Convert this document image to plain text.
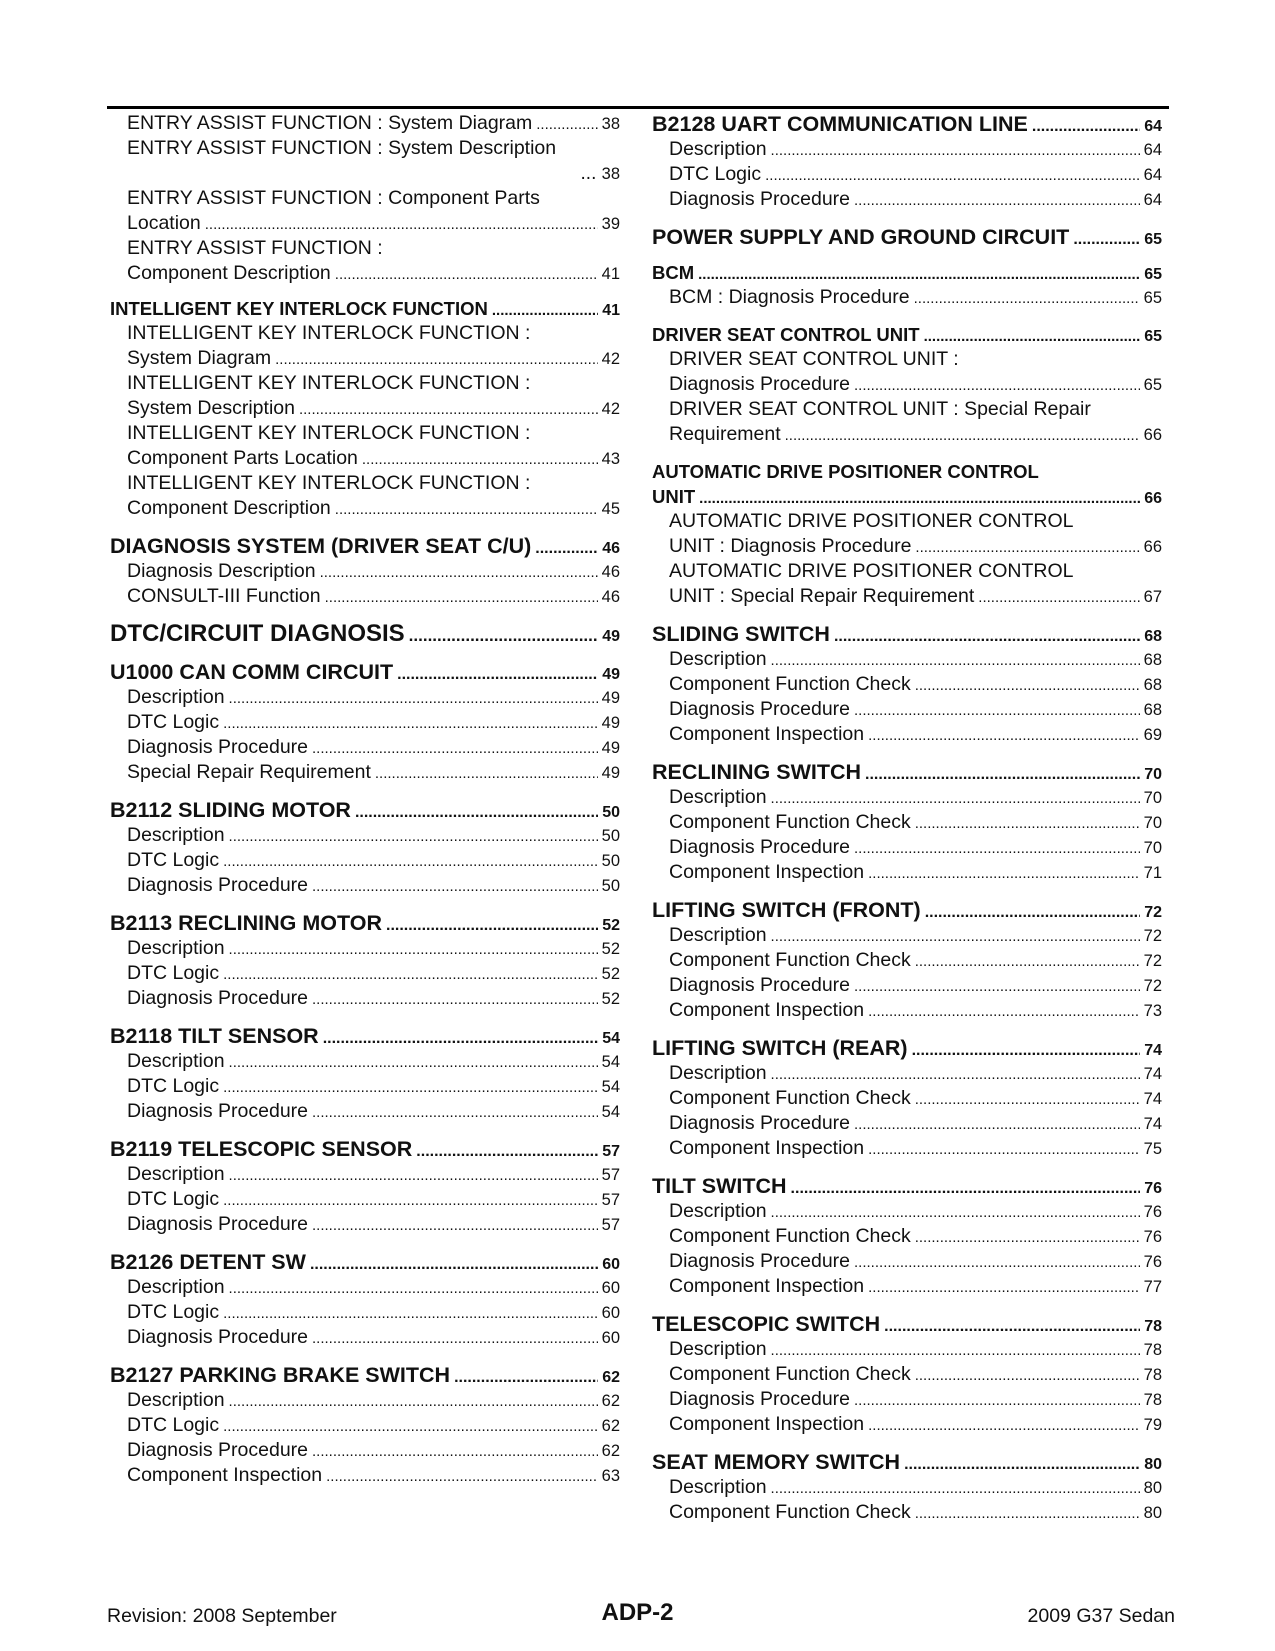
ENTRY ASSIST FUNCTION : System Diagram .....	38
ENTRY ASSIST FUNCTION : System Description
... 38
ENTRY ASSIST FUNCTION : Component Parts
Location .....	39
ENTRY ASSIST FUNCTION :
Component Description .....	41
INTELLIGENT KEY INTERLOCK FUNCTION .....	41
INTELLIGENT KEY INTERLOCK FUNCTION :
System Diagram .....	42
INTELLIGENT KEY INTERLOCK FUNCTION :
System Description .....	42
INTELLIGENT KEY INTERLOCK FUNCTION :
Component Parts Location .....	43
INTELLIGENT KEY INTERLOCK FUNCTION :
Component Description .....	45
DIAGNOSIS SYSTEM (DRIVER SEAT C/U) .....	46
Diagnosis Description .....	46
CONSULT-III Function .....	46
DTC/CIRCUIT DIAGNOSIS .....	49
U1000 CAN COMM CIRCUIT .....	49
Description .....	49
DTC Logic .....	49
Diagnosis Procedure .....	49
Special Repair Requirement .....	49
B2112 SLIDING MOTOR .....	50
Description .....	50
DTC Logic .....	50
Diagnosis Procedure .....	50
B2113 RECLINING MOTOR .....	52
Description .....	52
DTC Logic .....	52
Diagnosis Procedure .....	52
B2118 TILT SENSOR .....	54
Description .....	54
DTC Logic .....	54
Diagnosis Procedure .....	54
B2119 TELESCOPIC SENSOR .....	57
Description .....	57
DTC Logic .....	57
Diagnosis Procedure .....	57
B2126 DETENT SW .....	60
Description .....	60
DTC Logic .....	60
Diagnosis Procedure .....	60
B2127 PARKING BRAKE SWITCH .....	62
Description .....	62
DTC Logic .....	62
Diagnosis Procedure .....	62
Component Inspection .....	63
B2128 UART COMMUNICATION LINE .....	64
Description .....	64
DTC Logic .....	64
Diagnosis Procedure .....	64
POWER SUPPLY AND GROUND CIRCUIT .....	65
BCM .....	65
BCM : Diagnosis Procedure .....	65
DRIVER SEAT CONTROL UNIT .....	65
DRIVER SEAT CONTROL UNIT :
Diagnosis Procedure .....	65
DRIVER SEAT CONTROL UNIT : Special Repair
Requirement .....	66
AUTOMATIC DRIVE POSITIONER CONTROL
UNIT .....	66
AUTOMATIC DRIVE POSITIONER CONTROL
UNIT : Diagnosis Procedure .....	66
AUTOMATIC DRIVE POSITIONER CONTROL
UNIT : Special Repair Requirement .....	67
SLIDING SWITCH .....	68
Description .....	68
Component Function Check .....	68
Diagnosis Procedure .....	68
Component Inspection .....	69
RECLINING SWITCH .....	70
Description .....	70
Component Function Check .....	70
Diagnosis Procedure .....	70
Component Inspection .....	71
LIFTING SWITCH (FRONT) .....	72
Description .....	72
Component Function Check .....	72
Diagnosis Procedure .....	72
Component Inspection .....	73
LIFTING SWITCH (REAR) .....	74
Description .....	74
Component Function Check .....	74
Diagnosis Procedure .....	74
Component Inspection .....	75
TILT SWITCH .....	76
Description .....	76
Component Function Check .....	76
Diagnosis Procedure .....	76
Component Inspection .....	77
TELESCOPIC SWITCH .....	78
Description .....	78
Component Function Check .....	78
Diagnosis Procedure .....	78
Component Inspection .....	79
SEAT MEMORY SWITCH .....	80
Description .....	80
Component Function Check .....	80
Revision: 2008 September	ADP-2	2009 G37 Sedan
